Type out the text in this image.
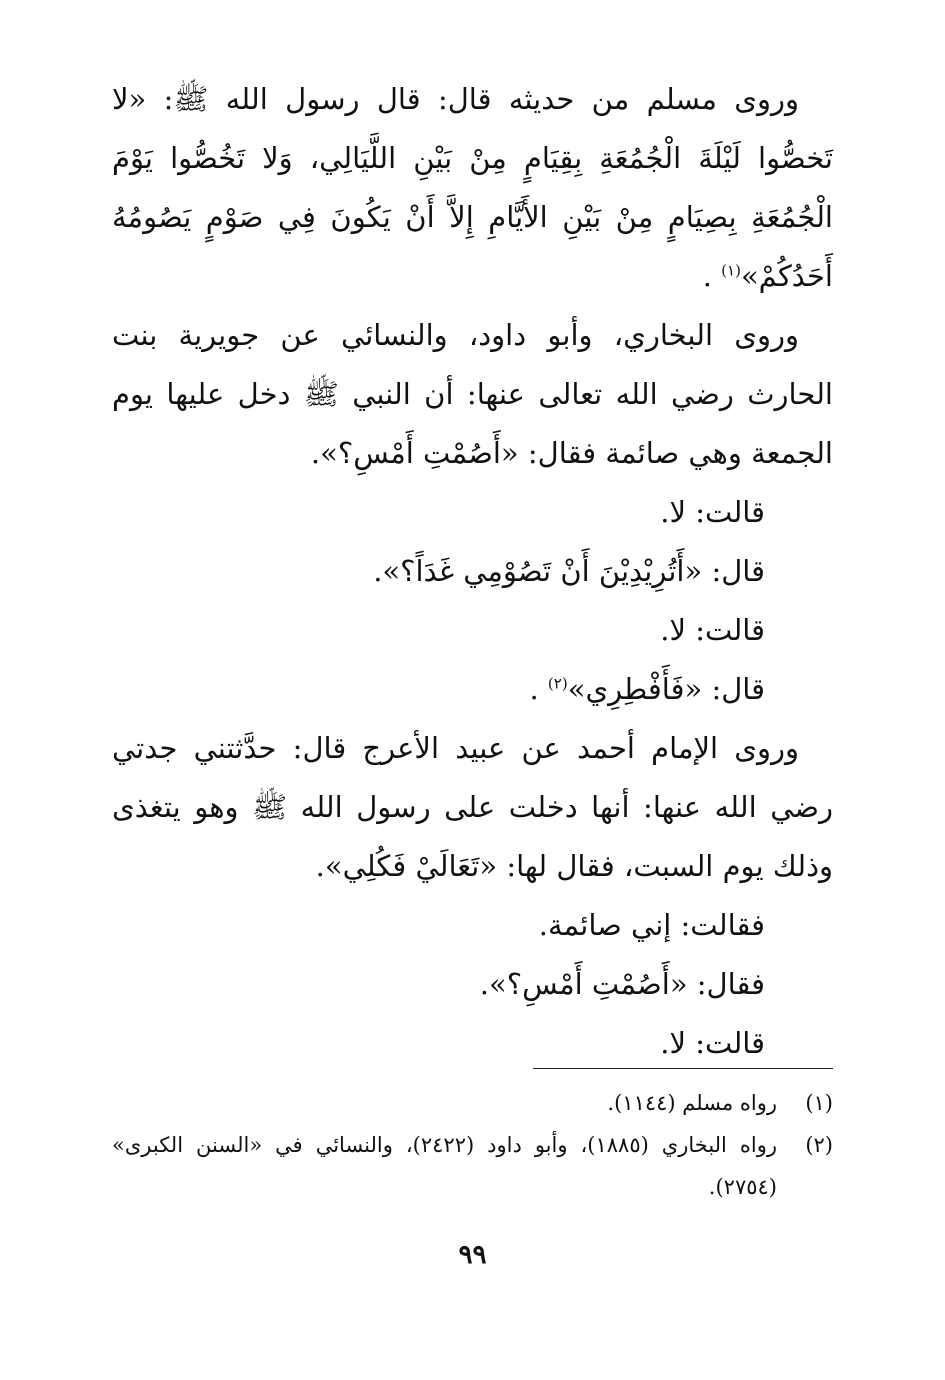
وروى مسلم من حديثه قال: قال رسول الله ﷺ: «لا تَخصُّوا لَيْلَةَ الْجُمُعَةِ بِقِيَامٍ مِنْ بَيْنِ اللَّيَالِي، وَلا تَخُصُّوا يَوْمَ الْجُمُعَةِ بِصِيَامٍ مِنْ بَيْنِ الأَيَّامِ إِلاَّ أَنْ يَكُونَ فِي صَوْمٍ يَصُومُهُ أَحَدُكُمْ»$^{(١)}$ .

وروى البخاري، وأبو داود، والنسائي عن جويرية بنت الحارث رضي الله تعالى عنها: أن النبي ﷺ دخل عليها يوم الجمعة وهي صائمة فقال: «أَصُمْتِ أَمْسِ؟».

قالت: لا.

قال: «أَتُرِيْدِيْنَ أَنْ تَصُوْمِي غَدَاً؟».

قالت: لا.

قال: «فَأَفْطِرِي»$^{(٢)}$ .

وروى الإمام أحمد عن عبيد الأعرج قال: حدَّثتني جدتي رضي الله عنها: أنها دخلت على رسول الله ﷺ وهو يتغذى وذلك يوم السبت، فقال لها: «تَعَالَيْ فَكُلِي».

فقالت: إني صائمة.

فقال: «أَصُمْتِ أَمْسِ؟».

قالت: لا.

(١)
رواه مسلم (١١٤٤).
(٢)
رواه البخاري (١٨٨٥)، وأبو داود (٢٤٢٢)، والنسائي في «السنن الكبرى» (٢٧٥٤).
٩٩
